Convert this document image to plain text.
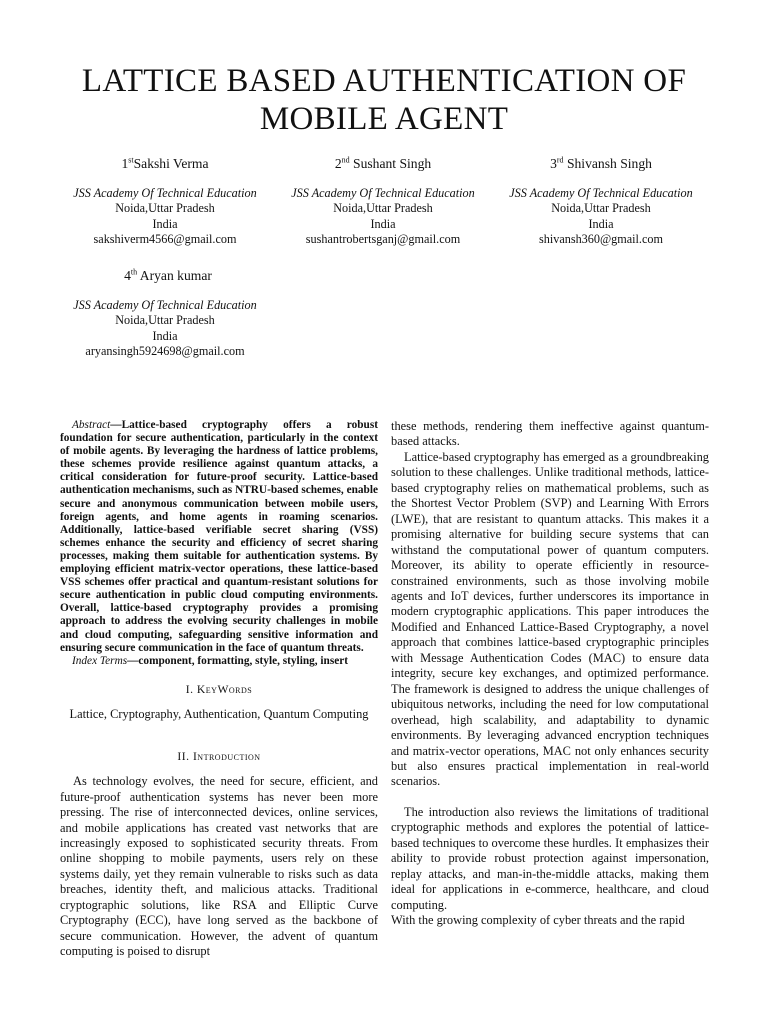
LATTICE BASED AUTHENTICATION OF
MOBILE AGENT
1stSakshi Verma
JSS Academy Of Technical Education
Noida,Uttar Pradesh
India
sakshiverm4566@gmail.com
2nd Sushant Singh
JSS Academy Of Technical Education
Noida,Uttar Pradesh
India
sushantrobertsganj@gmail.com
3rd Shivansh Singh
JSS Academy Of Technical Education
Noida,Uttar Pradesh
India
shivansh360@gmail.com
4th Aryan kumar
JSS Academy Of Technical Education
Noida,Uttar Pradesh
India
aryansingh5924698@gmail.com

Abstract—Lattice-based cryptography offers a robust foundation for secure authentication, particularly in the context of mobile agents. By leveraging the hardness of lattice problems, these schemes provide resilience against quantum attacks, a critical consideration for future-proof security. Lattice-based authentication mechanisms, such as NTRU-based schemes, enable secure and anonymous communication between mobile users, foreign agents, and home agents in roaming scenarios. Additionally, lattice-based verifiable secret sharing (VSS) schemes enhance the security and efficiency of secret sharing processes, making them suitable for authentication systems. By employing efficient matrix-vector operations, these lattice-based VSS schemes offer practical and quantum-resistant solutions for secure authentication in public cloud computing environments. Overall, lattice-based cryptography provides a promising approach to address the evolving security challenges in mobile and cloud computing, safeguarding sensitive information and ensuring secure communication in the face of quantum threats.

Index Terms—component, formatting, style, styling, insert

I. KeyWords

Lattice, Cryptography, Authentication, Quantum Computing

II. Introduction

As technology evolves, the need for secure, efficient, and future-proof authentication systems has never been more pressing. The rise of interconnected devices, online services, and mobile applications has created vast networks that are increasingly exposed to sophisticated security threats. From online shopping to mobile payments, users rely on these systems daily, yet they remain vulnerable to risks such as data breaches, identity theft, and malicious attacks. Traditional cryptographic solutions, like RSA and Elliptic Curve Cryptography (ECC), have long served as the backbone of secure communication. However, the advent of quantum computing is poised to disrupt

these methods, rendering them ineffective against quantum-based attacks.

Lattice-based cryptography has emerged as a groundbreaking solution to these challenges. Unlike traditional methods, lattice-based cryptography relies on mathematical problems, such as the Shortest Vector Problem (SVP) and Learning With Errors (LWE), that are resistant to quantum attacks. This makes it a promising alternative for building secure systems that can withstand the computational power of quantum computers. Moreover, its ability to operate efficiently in resource-constrained environments, such as those involving mobile agents and IoT devices, further underscores its importance in modern cryptographic applications. This paper introduces the Modified and Enhanced Lattice-Based Cryptography, a novel approach that combines lattice-based cryptographic principles with Message Authentication Codes (MAC) to ensure data integrity, secure key exchanges, and optimized performance. The framework is designed to address the unique challenges of ubiquitous networks, including the need for low computational overhead, high scalability, and adaptability to dynamic environments. By leveraging advanced encryption techniques and matrix-vector operations, MAC not only enhances security but also ensures practical implementation in real-world scenarios.

The introduction also reviews the limitations of traditional cryptographic methods and explores the potential of lattice-based techniques to overcome these hurdles. It emphasizes their ability to provide robust protection against impersonation, replay attacks, and man-in-the-middle attacks, making them ideal for applications in e-commerce, healthcare, and cloud computing.

With the growing complexity of cyber threats and the rapid
